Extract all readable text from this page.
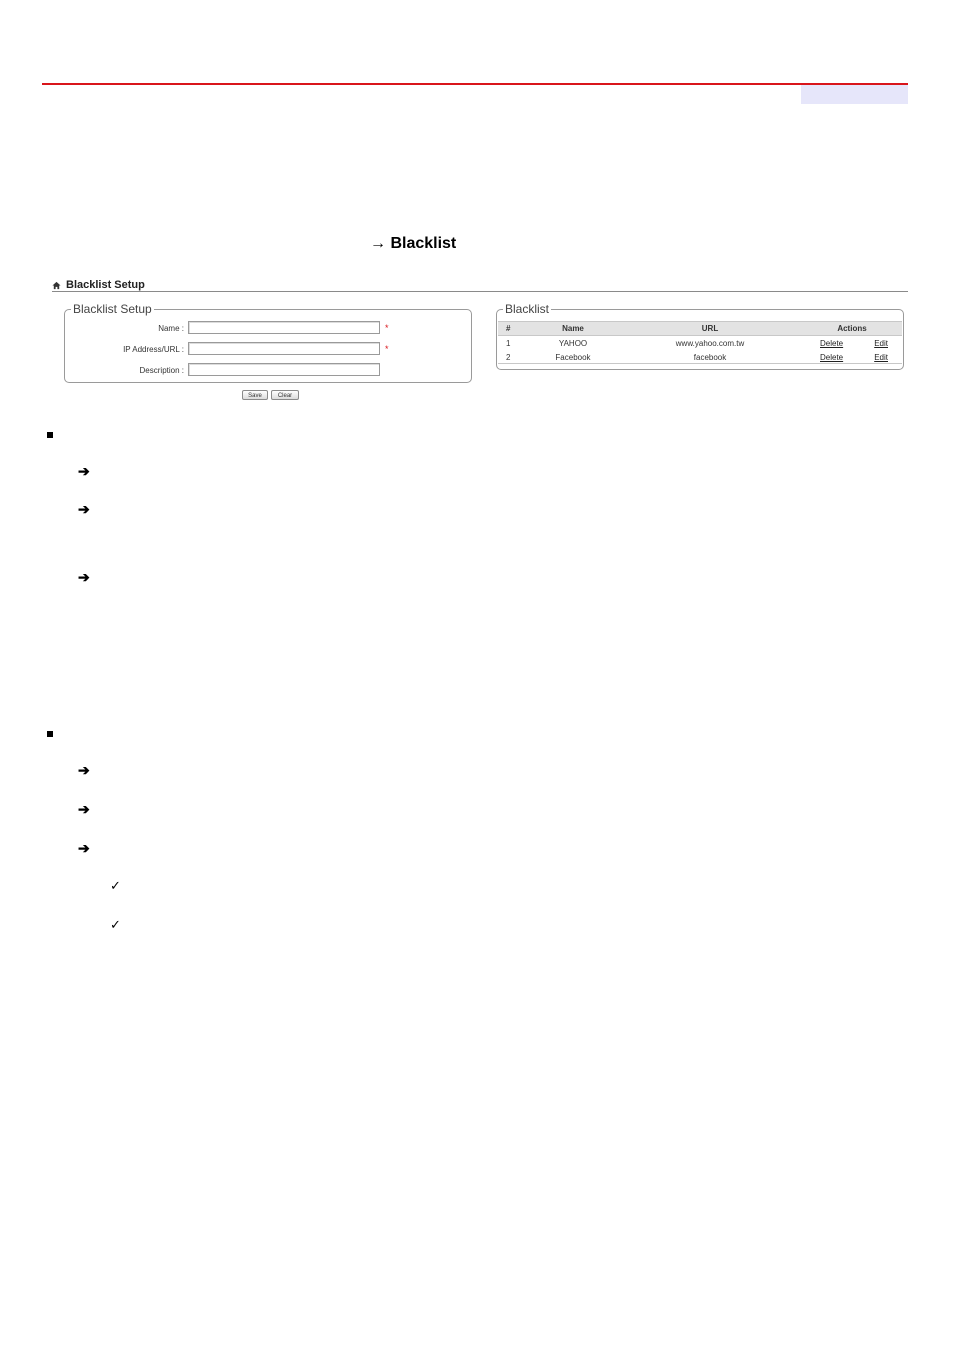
→ Blacklist
Blacklist Setup
Blacklist Setup
Name :	*
IP Address/URL :	*
Description :
Save	Clear
Blacklist
#	Name	URL	Actions
1	YAHOO	www.yahoo.com.tw	Delete Edit

2	Facebook	facebook	Delete Edit
➔
➔
➔
➔
➔
➔
✓
✓
